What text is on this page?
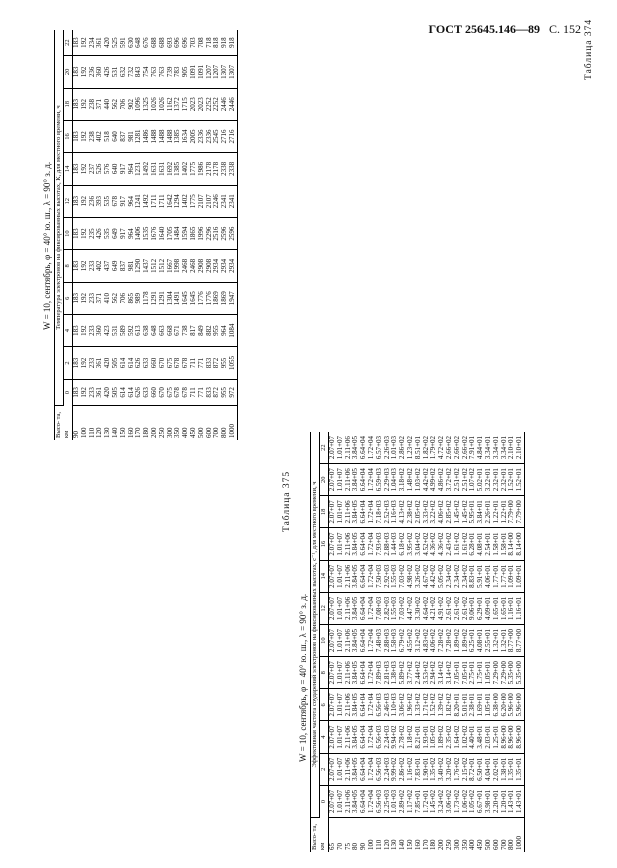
ГОСТ 25645.146—89 С. 152 Таблица 374
W = 10, сентябрь, φ = 40° ю. ш., λ = 90° з. д.
Высо- та, км	Температура электронов на фиксированных высотах, К, для местного времени, ч											
	0	2	4	6	8	10	12	14	16	18	20	22
90	183	183	183	183	183	183	183	183	183	183	183	183
100	192	192	192	192	192	192	192	192	192	192	192	192
110	233	233	233	233	233	235	236	237	238	238	236	234
120	361	361	360	371	402	426	393	526	402	371	360	361
130	420	420	423	410	437	535	535	576	518	440	426	420
140	505	505	531	562	649	649	678	640	640	562	531	525
150	614	614	589	706	837	917	917	917	837	706	632	591
160	614	614	592	865	981	964	964	964	981	902	732	630
170	626	626	613	989	1290	1406	1241	1231	1281	1096	843	648
180	633	633	638	1178	1437	1535	1492	1492	1486	1325	754	676
200	660	660	648	1291	1512	1676	1711	1631	1488	1026	763	688
250	670	670	663	1291	1512	1640	1711	1631	1488	1026	763	688
300	675	675	668	1304	1667	1705	1642	1692	1488	1162	739	693
350	678	678	671	1491	1998	1484	1294	1385	1385	1372	783	696
400	678	678	738	1645	2468	1594	1402	1402	1634	1715	905	696
450	711	711	817	1645	2468	1865	1775	1775	2005	2023	1091	703
500	771	771	849	1776	2908	1996	2107	1986	2336	2023	1091	708
600	833	833	882	1776	2908	2296	2107	2178	2336	2252	1207	718
700	872	872	955	1869	2934	2516	2246	2178	2545	2252	1207	818
800	955	955	964	1869	2934	2596	2341	2338	2716	2446	1307	918
1000	972	1055	1084	1947	2934	2596	2341	2338	2716	2446	1307	918
Таблица 375
W = 10, сентябрь, φ = 40° ю. ш., λ = 90° з. д.
Высо- та, км	Эффективная частота соударений электронов на фиксированных высотах, с⁻¹, для местного времени, ч											
	0	2	4	6	8	10	12	14	16	18	20	22
65	2.07+07	2.07+07	2.07+07	2.07+07	2.07+07	2.07+07	2.07+07	2.07+07	2.07+07	2.07+07	2.07+07	2.07+07
70	1.01+07	1.01+07	1.01+07	1.01+07	1.01+07	1.01+07	1.01+07	1.01+07	1.01+07	1.01+07	1.01+07	1.01+07
75	2.11+06	2.11+06	2.11+06	2.11+06	2.11+06	2.11+06	2.11+06	2.11+06	2.11+06	2.11+06	2.11+06	2.11+06
80	3.84+05	3.84+05	3.84+05	3.84+05	3.84+05	3.84+05	3.84+05	3.84+05	3.84+05	3.84+05	3.84+05	3.84+05
90	6.64+04	6.64+04	6.64+04	6.64+04	6.64+04	6.64+04	6.64+04	6.64+04	6.64+04	6.64+04	6.64+04	6.64+04
100	1.72+04	1.72+04	1.72+04	1.72+04	1.72+04	1.72+04	1.72+04	1.72+04	1.72+04	1.72+04	1.72+04	1.72+04
110	6.56+03	6.56+03	6.56+03	6.56+03	7.89+03	7.48+03	7.08+03	7.50+03	7.93+03	7.18+03	6.59+03	6.57+03
120	2.25+03	2.24+03	2.24+03	2.46+03	2.81+03	2.88+03	2.82+03	2.92+03	2.88+03	2.52+03	2.29+03	2.26+03
130	1.01+03	9.99+02	9.94+02	1.10+03	1.38+03	1.58+03	1.55+03	1.55+03	1.44+03	1.16+03	1.04+03	1.01+03
140	2.89+02	2.86+02	2.78+02	3.06+02	5.89+02	6.79+02	7.03+02	7.03+02	6.18+02	4.13+02	3.18+02	2.86+02
150	1.17+02	1.16+02	1.18+02	1.96+02	3.77+02	4.55+02	4.47+02	4.98+02	3.95+02	2.38+02	1.48+02	1.23+02
160	7.85+01	7.83+01	8.21+01	1.33+02	2.44+02	3.12+02	3.30+02	3.26+02	3.04+02	2.05+02	1.03+02	8.51+01
170	1.72+01	1.90+01	1.93+01	1.71+02	3.53+02	4.83+02	4.64+02	4.67+02	4.52+02	3.33+02	4.42+02	1.82+02
180	1.45+02	1.35+02	1.05+02	1.52+02	2.94+02	4.06+02	4.21+02	4.42+02	4.36+02	3.22+02	4.99+02	1.79+02
200	3.24+02	3.40+02	1.89+02	1.39+02	3.14+02	7.28+02	4.91+02	5.05+02	4.36+02	4.06+02	4.86+02	4.72+02
250	3.06+02	3.20+02	2.35+02	1.82+02	3.14+02	7.28+02	2.61+02	2.34+02	2.43+02	2.85+02	3.72+02	2.66+02
300	1.73+02	1.76+02	1.64+02	8.20+01	7.05+01	1.89+02	2.61+02	2.34+02	1.61+02	1.45+02	2.51+02	2.66+02
350	1.06+02	2.15+02	1.02+02	5.01+01	7.05+01	1.89+02	2.61+02	2.34+02	1.61+02	1.45+02	2.51+02	2.66+02
400	1.05+02	8.72+01	4.40+01	2.38+01	2.75+01	6.25+01	9.06+01	8.83+01	6.28+01	5.95+01	1.07+02	7.91+01
450	6.67+01	6.50+01	3.48+01	1.69+01	1.75+01	4.08+01	6.29+01	5.91+01	4.08+01	3.84+01	5.02+01	4.84+01
500	3.98+01	4.04+01	2.03+01	1.05+01	1.05+01	2.55+01	4.09+01	4.06+01	2.54+01	2.26+01	3.22+01	3.34+01
600	2.20+01	2.02+01	1.25+01	6.38+00	7.29+00	1.32+01	1.65+01	1.77+01	1.58+01	1.22+01	2.32+01	3.34+01
700	1.20+01	1.38+01	8.96+00	6.20+00	7.29+00	1.32+01	1.65+01	1.77+01	1.58+01	1.22+01	2.32+01	3.34+01
800	1.43+01	1.35+01	8.96+00	5.96+00	5.35+00	8.77+00	1.16+01	1.09+01	8.14+00	7.79+00	1.52+01	2.10+01
1000	1.43+01	1.35+01	8.96+00	5.96+00	5.35+00	8.77+00	1.16+01	1.09+01	8.14+00	7.79+00	1.52+01	2.10+01
